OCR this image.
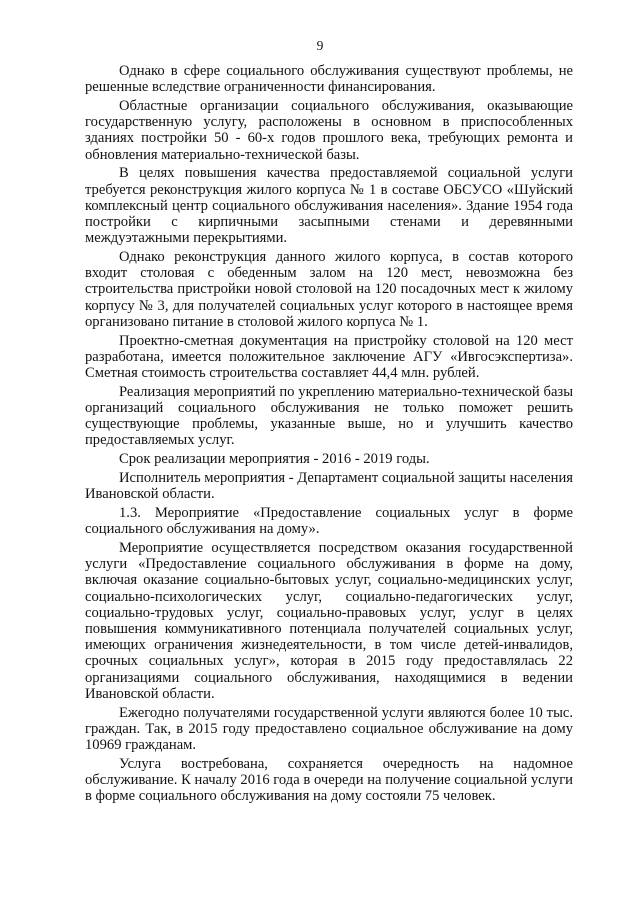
9

Однако в сфере социального обслуживания существуют проблемы, не решенные вследствие ограниченности финансирования.

Областные организации социального обслуживания, оказывающие государственную услугу, расположены в основном в приспособленных зданиях постройки 50 - 60-х годов прошлого века, требующих ремонта и обновления материально-технической базы.

В целях повышения качества предоставляемой социальной услуги требуется реконструкция жилого корпуса № 1 в составе ОБСУСО «Шуйский комплексный центр социального обслуживания населения». Здание 1954 года постройки с кирпичными засыпными стенами и деревянными междуэтажными перекрытиями.

Однако реконструкция данного жилого корпуса, в состав которого входит столовая с обеденным залом на 120 мест, невозможна без строительства пристройки новой столовой на 120 посадочных мест к жилому корпусу № 3, для получателей социальных услуг которого в настоящее время организовано питание в столовой жилого корпуса № 1.

Проектно-сметная документация на пристройку столовой на 120 мест разработана, имеется положительное заключение АГУ «Ивгосэкспертиза». Сметная стоимость строительства составляет 44,4 млн. рублей.

Реализация мероприятий по укреплению материально-технической базы организаций социального обслуживания не только поможет решить существующие проблемы, указанные выше, но и улучшить качество предоставляемых услуг.

Срок реализации мероприятия - 2016 - 2019 годы.

Исполнитель мероприятия - Департамент социальной защиты населения Ивановской области.

1.3. Мероприятие «Предоставление социальных услуг в форме социального обслуживания на дому».

Мероприятие осуществляется посредством оказания государственной услуги «Предоставление социального обслуживания в форме на дому, включая оказание социально-бытовых услуг, социально-медицинских услуг, социально-психологических услуг, социально-педагогических услуг, социально-трудовых услуг, социально-правовых услуг, услуг в целях повышения коммуникативного потенциала получателей социальных услуг, имеющих ограничения жизнедеятельности, в том числе детей-инвалидов, срочных социальных услуг», которая в 2015 году предоставлялась 22 организациями социального обслуживания, находящимися в ведении Ивановской области.

Ежегодно получателями государственной услуги являются более 10 тыс. граждан. Так, в 2015 году предоставлено социальное обслуживание на дому 10969 гражданам.

Услуга востребована, сохраняется очередность на надомное обслуживание. К началу 2016 года в очереди на получение социальной услуги в форме социального обслуживания на дому состояли 75 человек.
